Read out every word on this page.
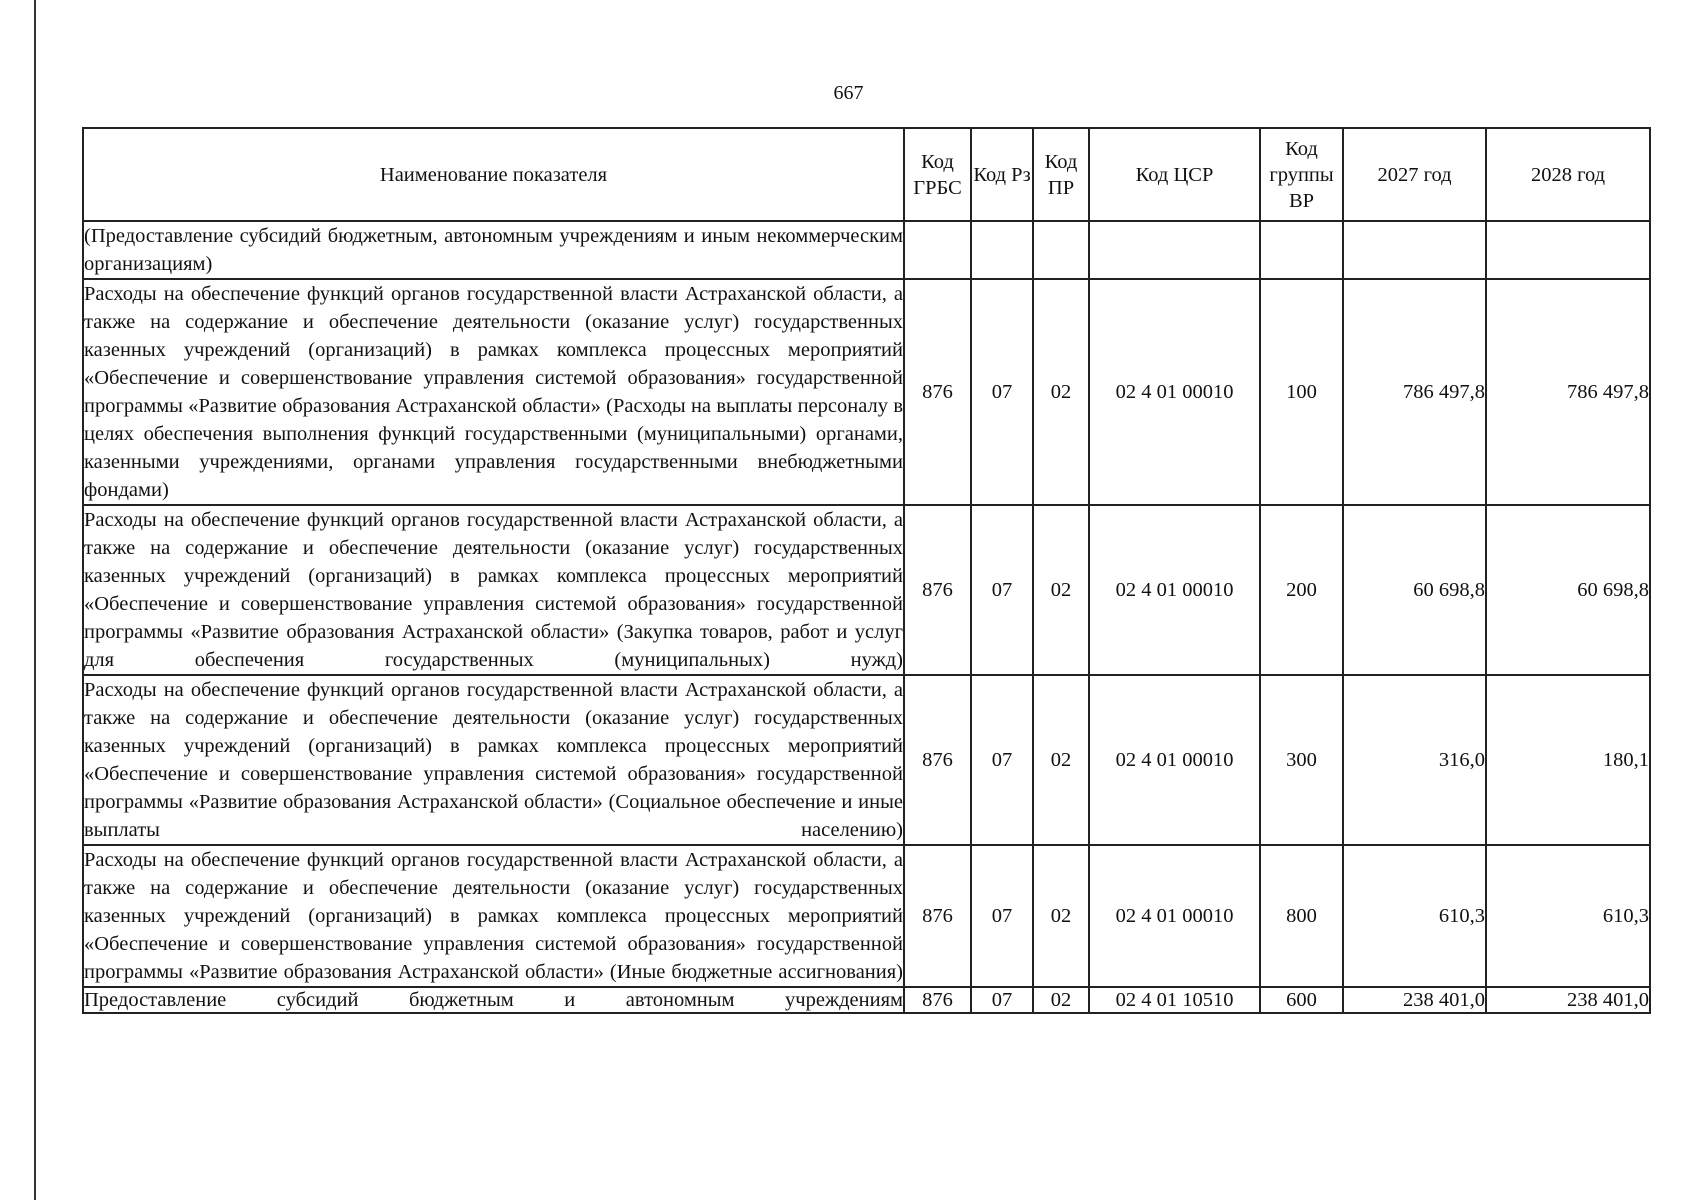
667
Наименование показателя	Код ГРБС	Код Рз	Код ПР	Код ЦСР	Код группы ВР	2027 год	2028 год
(Предоставление субсидий бюджетным, автономным учреждениям и иным некоммерческим организациям)							
Расходы на обеспечение функций органов государственной власти Астраханской области, а также на содержание и обеспечение деятельности (оказание услуг) государственных казенных учреждений (организаций) в рамках комплекса процессных мероприятий «Обеспечение и совершенствование управления системой образования» государственной программы «Развитие образования Астраханской области» (Расходы на выплаты персоналу в целях обеспечения выполнения функций государственными (муниципальными) органами, казенными учреждениями, органами управления государственными внебюджетными фондами)	876	07	02	02 4 01 00010	100	786 497,8	786 497,8
Расходы на обеспечение функций органов государственной власти Астраханской области, а также на содержание и обеспечение деятельности (оказание услуг) государственных казенных учреждений (организаций) в рамках комплекса процессных мероприятий «Обеспечение и совершенствование управления системой образования» государственной программы «Развитие образования Астраханской области» (Закупка товаров, работ и услуг для обеспечения государственных (муниципальных) нужд)	876	07	02	02 4 01 00010	200	60 698,8	60 698,8
Расходы на обеспечение функций органов государственной власти Астраханской области, а также на содержание и обеспечение деятельности (оказание услуг) государственных казенных учреждений (организаций) в рамках комплекса процессных мероприятий «Обеспечение и совершенствование управления системой образования» государственной программы «Развитие образования Астраханской области» (Социальное обеспечение и иные выплаты населению)	876	07	02	02 4 01 00010	300	316,0	180,1
Расходы на обеспечение функций органов государственной власти Астраханской области, а также на содержание и обеспечение деятельности (оказание услуг) государственных казенных учреждений (организаций) в рамках комплекса процессных мероприятий «Обеспечение и совершенствование управления системой образования» государственной программы «Развитие образования Астраханской области» (Иные бюджетные ассигнования)	876	07	02	02 4 01 00010	800	610,3	610,3
Предоставление субсидий бюджетным и автономным учреждениям	876	07	02	02 4 01 10510	600	238 401,0	238 401,0
